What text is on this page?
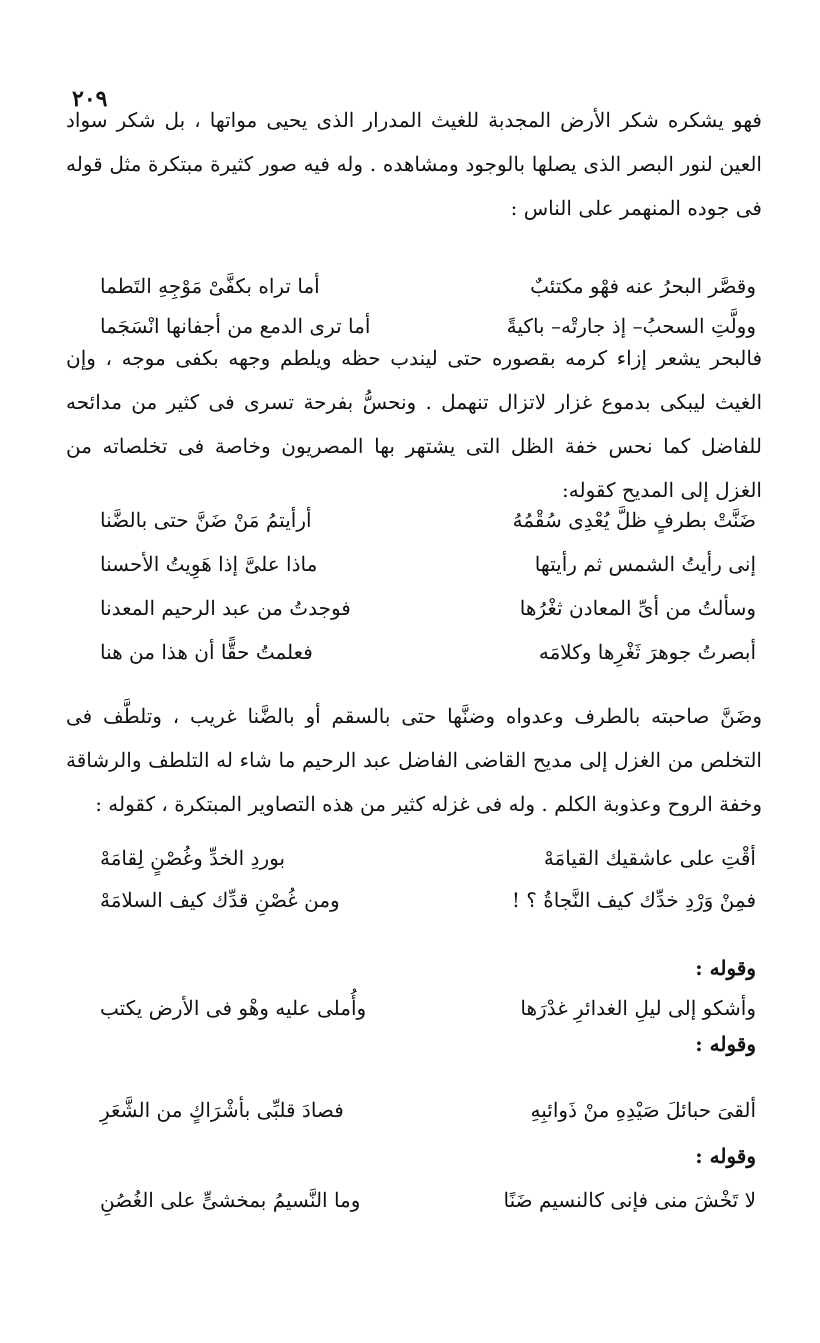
٢٠٩

فهو يشكره شكر الأرض المجدبة للغيث المدرار الذى يحيى مواتها ، بل شكر سواد العين لنور البصر الذى يصلها بالوجود ومشاهده . وله فيه صور كثيرة مبتكرة مثل قوله فى جوده المنهمر على الناس :

وقصَّر البحرُ عنه فهْو مكتئبٌ
أما تراه بكفَّىْ مَوْجِهِ التَطما
وولَّتِ السحبُ– إذ جارتْه– باكيةً
أما ترى الدمع من أجفانها انْسَجَما

فالبحر يشعر إزاء كرمه بقصوره حتى ليندب حظه ويلطم وجهه بكفى موجه ، وإن الغيث ليبكى بدموع غزار لاتزال تنهمل . ونحسُّ بفرحة تسرى فى كثير من مدائحه للفاضل كما نحس خفة الظل التى يشتهر بها المصريون وخاصة فى تخلصاته من الغزل إلى المديح كقوله:

ضَنَّتْ بطرفٍ ظلَّ يُعْدِى سُقْمُهُ
أرأيتمُ مَنْ ضَنَّ حتى بالضَّنا
إنى رأيتُ الشمس ثم رأيتها
ماذا علىَّ إذا هَوِيتُ الأحسنا
وسألتُ من أىِّ المعادن ثغْرُها
فوجدتُ من عبد الرحيم المعدنا
أبصرتُ جوهرَ ثَغْرِها وكلامَه
فعلمتُ حقًّا أن هذا من هنا

وضَنَّ صاحبته بالطرف وعدواه وضنَّها حتى بالسقم أو بالضَّنا غريب ، وتلطَّف فى التخلص من الغزل إلى مديح القاضى الفاضل عبد الرحيم ما شاء له التلطف والرشاقة وخفة الروح وعذوبة الكلم . وله فى غزله كثير من هذه التصاوير المبتكرة ، كقوله :

أقْتِ على عاشقيك القيامَهْ
بوردِ الخدِّ وغُصْنٍ لِقامَهْ
فمِنْ وَرْدِ خدِّك كيف النَّجاةُ ؟ !
ومن غُصْنِ قدِّك كيف السلامَهْ
وقوله :
وأشكو إلى ليلِ الغدائرِ غدْرَها
وأُملى عليه وهْو فى الأرض يكتب
وقوله :
ألقىَ حبائلَ صَيْدِهِ منْ ذَوائبِهِ
فصادَ قلبِّى بأشْرَاكٍ من الشَّعَرِ
وقوله :
لا تَخْشَ منى فإنى كالنسيم ضَنًا
وما النَّسيمُ بمخشىٍّ على الغُصُنِ
